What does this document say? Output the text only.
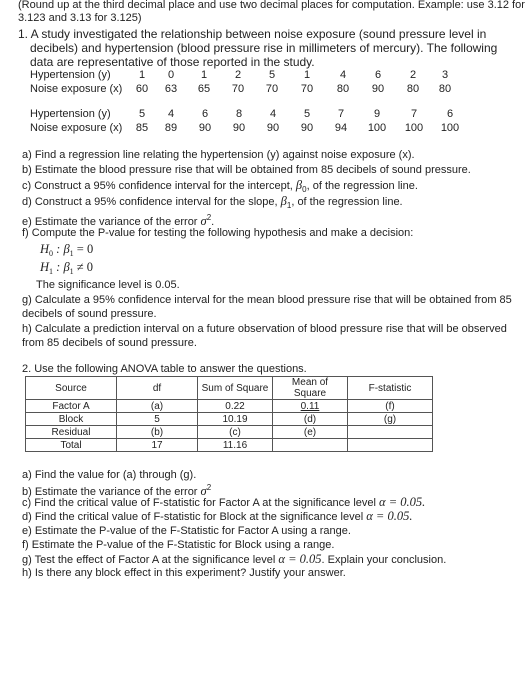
(Round up at the third decimal place and use two decimal places for computation. Example: use 3.12 for
3.123 and 3.13 for 3.125)
1. A study investigated the relationship between noise exposure (sound pressure level in
decibels) and hypertension (blood pressure rise in millimeters of mercury). The following
data are representative of those reported in the study.
Hypertension (y)	1	0	1	2	5	1	4	6	2	3
Noise exposure (x)	60	63	65	70	70	70	80	90	80	80
Hypertension (y)	5	4	6	8	4	5	7	9	7	6
Noise exposure (x)	85	89	90	90	90	90	94	100	100	100
a) Find a regression line relating the hypertension (y) against noise exposure (x).
b) Estimate the blood pressure rise that will be obtained from 85 decibels of sound pressure.
c) Construct a 95% confidence interval for the intercept, $\beta_0$, of the regression line.
d) Construct a 95% confidence interval for the slope, $\beta_1$, of the regression line.
e) Estimate the variance of the error $\sigma^2$.
f) Compute the P-value for testing the following hypothesis and make a decision:
$H_0$ : $\beta_1 = 0$
$H_1$ : $\beta_1 \ne 0$
The significance level is 0.05.
g) Calculate a 95% confidence interval for the mean blood pressure rise that will be obtained from 85
decibels of sound pressure.
h) Calculate a prediction interval on a future observation of blood pressure rise that will be observed
from 85 decibels of sound pressure.
2. Use the following ANOVA table to answer the questions.
Source	df	Sum of Square	Mean of Square	F-statistic
Factor A	(a)	0.22	0.11	(f)
Block	5	10.19	(d)	(g)
Residual	(b)	(c)	(e)	
Total	17	11.16		
a) Find the value for (a) through (g).
b) Estimate the variance of the error $\sigma^2$
c) Find the critical value of F-statistic for Factor A at the significance level α = 0.05.
d) Find the critical value of F-statistic for Block at the significance level α = 0.05.
e) Estimate the P-value of the F-Statistic for Factor A using a range.
f) Estimate the P-value of the F-Statistic for Block using a range.
g) Test the effect of Factor A at the significance level α = 0.05. Explain your conclusion.
h) Is there any block effect in this experiment? Justify your answer.
